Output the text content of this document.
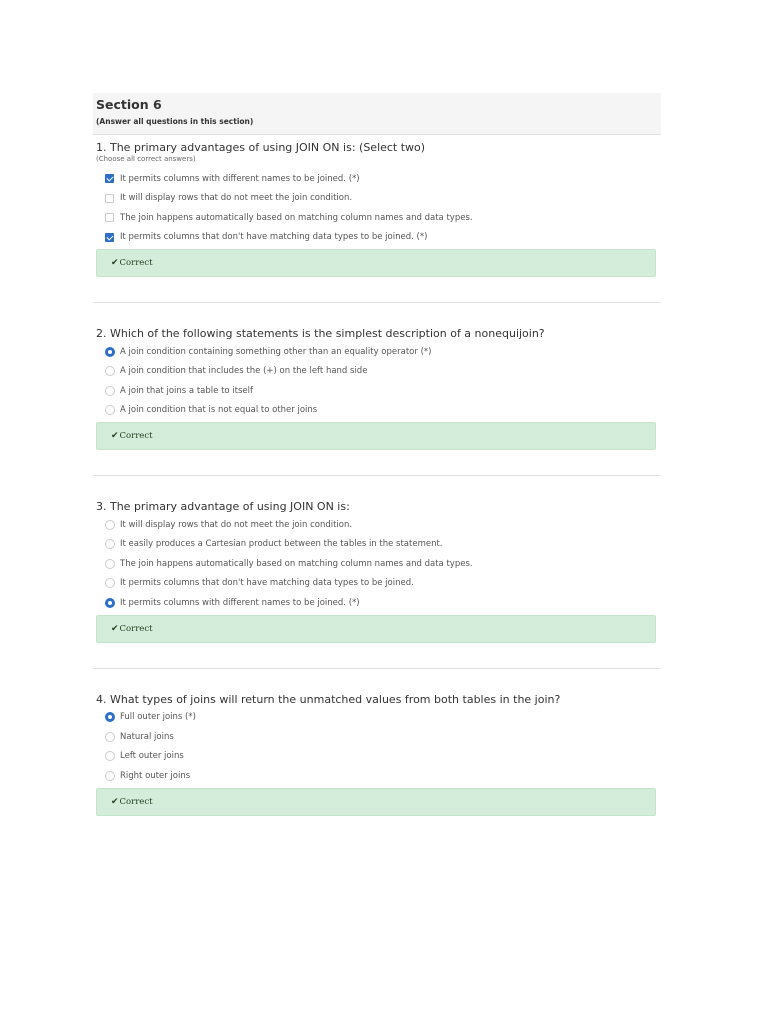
Section 6
(Answer all questions in this section)
1. The primary advantages of using JOIN ON is: (Select two)
(Choose all correct answers)
It permits columns with different names to be joined. (*)
It will display rows that do not meet the join condition.
The join happens automatically based on matching column names and data types.
It permits columns that don't have matching data types to be joined. (*)
✔ Correct
2. Which of the following statements is the simplest description of a nonequijoin?
A join condition containing something other than an equality operator (*)
A join condition that includes the (+) on the left hand side
A join that joins a table to itself
A join condition that is not equal to other joins
✔ Correct
3. The primary advantage of using JOIN ON is:
It will display rows that do not meet the join condition.
It easily produces a Cartesian product between the tables in the statement.
The join happens automatically based on matching column names and data types.
It permits columns that don't have matching data types to be joined.
It permits columns with different names to be joined. (*)
✔ Correct
4. What types of joins will return the unmatched values from both tables in the join?
Full outer joins (*)
Natural joins
Left outer joins
Right outer joins
✔ Correct
